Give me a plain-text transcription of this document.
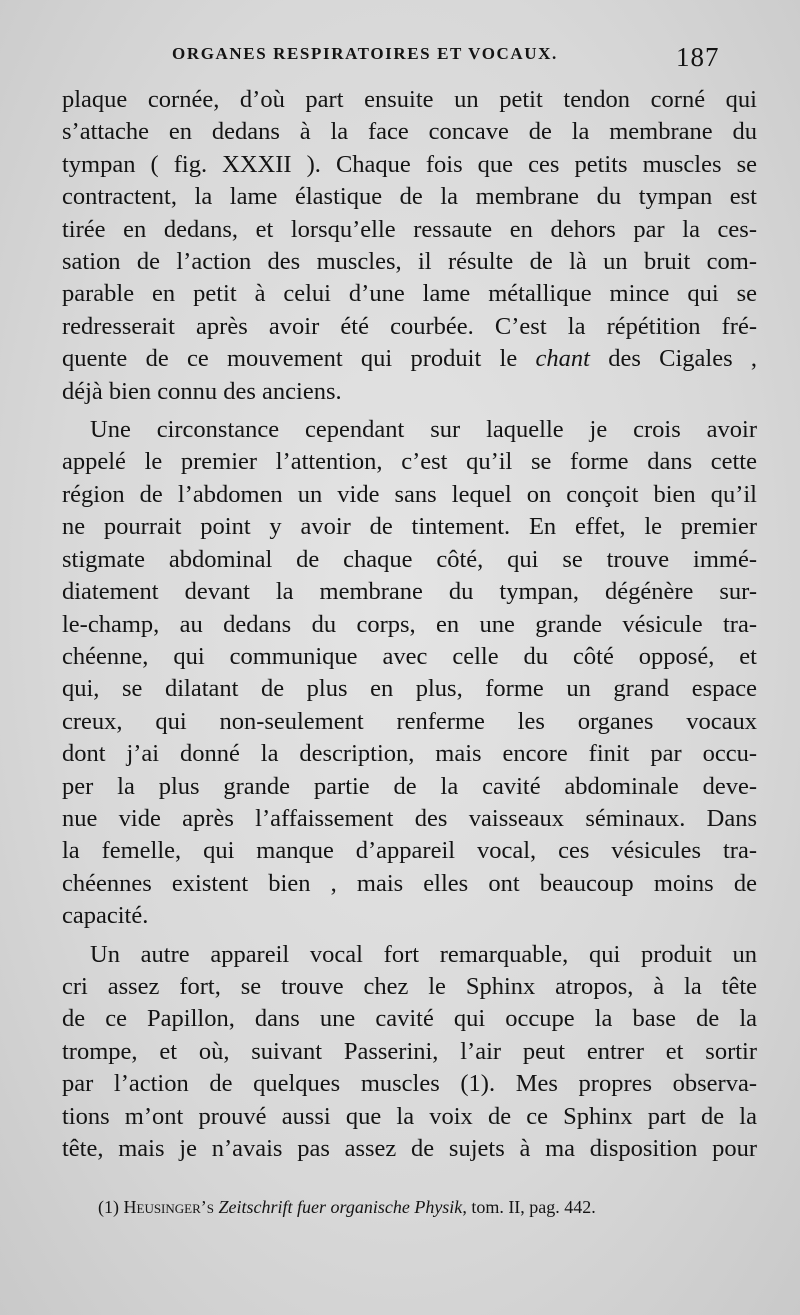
ORGANES RESPIRATOIRES ET VOCAUX.	187

plaque cornée, d’où part ensuite un petit tendon corné qui
s’attache en dedans à la face concave de la membrane du
tympan ( fig. XXXII ). Chaque fois que ces petits muscles se
contractent, la lame élastique de la membrane du tympan est
tirée en dedans, et lorsqu’elle ressaute en dehors par la ces-
sation de l’action des muscles, il résulte de là un bruit com-
parable en petit à celui d’une lame métallique mince qui se
redresserait après avoir été courbée. C’est la répétition fré-
quente de ce mouvement qui produit le chant des Cigales ,
déjà bien connu des anciens.

Une circonstance cependant sur laquelle je crois avoir
appelé le premier l’attention, c’est qu’il se forme dans cette
région de l’abdomen un vide sans lequel on conçoit bien qu’il
ne pourrait point y avoir de tintement. En effet, le premier
stigmate abdominal de chaque côté, qui se trouve immé-
diatement devant la membrane du tympan, dégénère sur-
le-champ, au dedans du corps, en une grande vésicule tra-
chéenne, qui communique avec celle du côté opposé, et
qui, se dilatant de plus en plus, forme un grand espace
creux, qui non-seulement renferme les organes vocaux
dont j’ai donné la description, mais encore finit par occu-
per la plus grande partie de la cavité abdominale deve-
nue vide après l’affaissement des vaisseaux séminaux. Dans
la femelle, qui manque d’appareil vocal, ces vésicules tra-
chéennes existent bien , mais elles ont beaucoup moins de
capacité.

Un autre appareil vocal fort remarquable, qui produit un
cri assez fort, se trouve chez le Sphinx atropos, à la tête
de ce Papillon, dans une cavité qui occupe la base de la
trompe, et où, suivant Passerini, l’air peut entrer et sortir
par l’action de quelques muscles (1). Mes propres observa-
tions m’ont prouvé aussi que la voix de ce Sphinx part de la
tête, mais je n’avais pas assez de sujets à ma disposition pour

(1) Heusinger’s Zeitschrift fuer organische Physik, tom. II, pag. 442.
